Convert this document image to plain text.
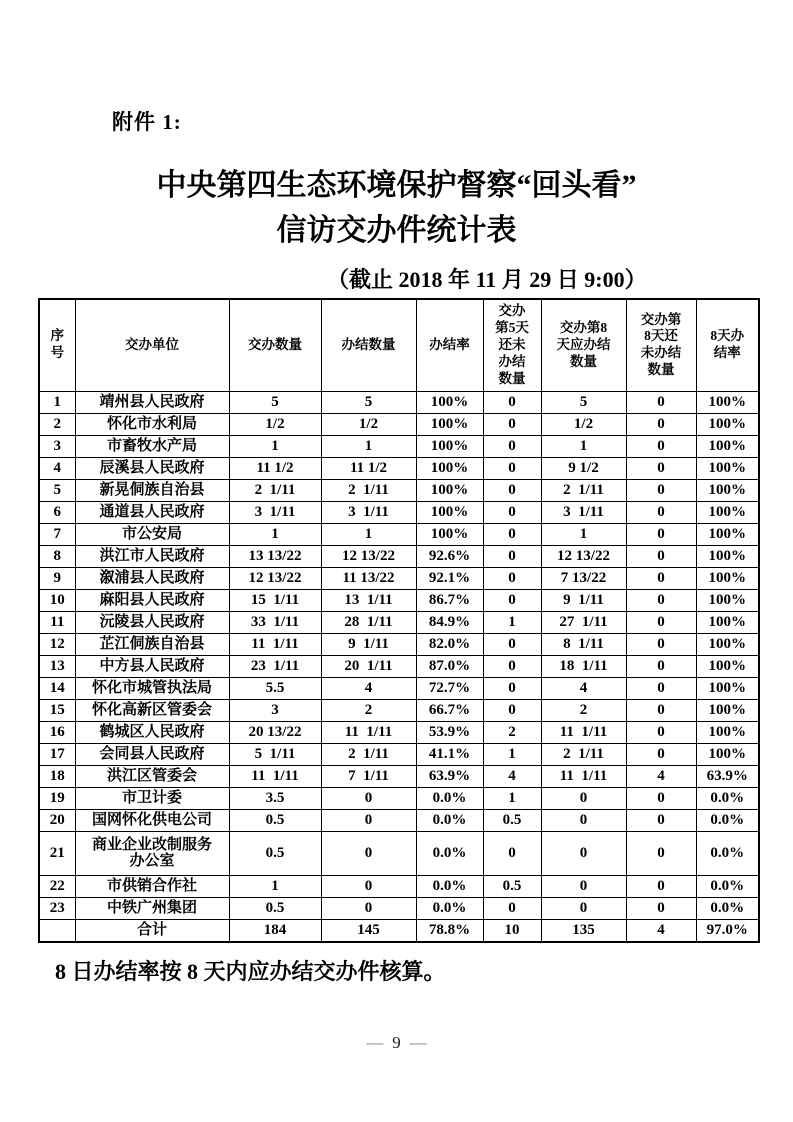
附件 1:
中央第四生态环境保护督察“回头看”
信访交办件统计表
（截止 2018 年 11 月 29 日 9:00）
序
号	交办单位	交办数量	办结数量	办结率	交办
第5天
还未
办结
数量	交办第8
天应办结
数量	交办第
8天还
未办结
数量	8天办
结率
1	靖州县人民政府	5	5	100%	0	5	0	100%
2	怀化市水利局	1/2	1/2	100%	0	1/2	0	100%
3	市畜牧水产局	1	1	100%	0	1	0	100%
4	辰溪县人民政府	11 1/2	11 1/2	100%	0	9 1/2	0	100%
5	新晃侗族自治县	2  1/11	2  1/11	100%	0	2  1/11	0	100%
6	通道县人民政府	3  1/11	3  1/11	100%	0	3  1/11	0	100%
7	市公安局	1	1	100%	0	1	0	100%
8	洪江市人民政府	13 13/22	12 13/22	92.6%	0	12 13/22	0	100%
9	溆浦县人民政府	12 13/22	11 13/22	92.1%	0	7 13/22	0	100%
10	麻阳县人民政府	15  1/11	13  1/11	86.7%	0	9  1/11	0	100%
11	沅陵县人民政府	33  1/11	28  1/11	84.9%	1	27  1/11	0	100%
12	芷江侗族自治县	11  1/11	9  1/11	82.0%	0	8  1/11	0	100%
13	中方县人民政府	23  1/11	20  1/11	87.0%	0	18  1/11	0	100%
14	怀化市城管执法局	5.5	4	72.7%	0	4	0	100%
15	怀化高新区管委会	3	2	66.7%	0	2	0	100%
16	鹤城区人民政府	20 13/22	11  1/11	53.9%	2	11  1/11	0	100%
17	会同县人民政府	5  1/11	2  1/11	41.1%	1	2  1/11	0	100%
18	洪江区管委会	11  1/11	7  1/11	63.9%	4	11  1/11	4	63.9%
19	市卫计委	3.5	0	0.0%	1	0	0	0.0%
20	国网怀化供电公司	0.5	0	0.0%	0.5	0	0	0.0%
21	商业企业改制服务
办公室	0.5	0	0.0%	0	0	0	0.0%
22	市供销合作社	1	0	0.0%	0.5	0	0	0.0%
23	中铁广州集团	0.5	0	0.0%	0	0	0	0.0%
	合计	184	145	78.8%	10	135	4	97.0%
8 日办结率按 8 天内应办结交办件核算。
— 9 —
